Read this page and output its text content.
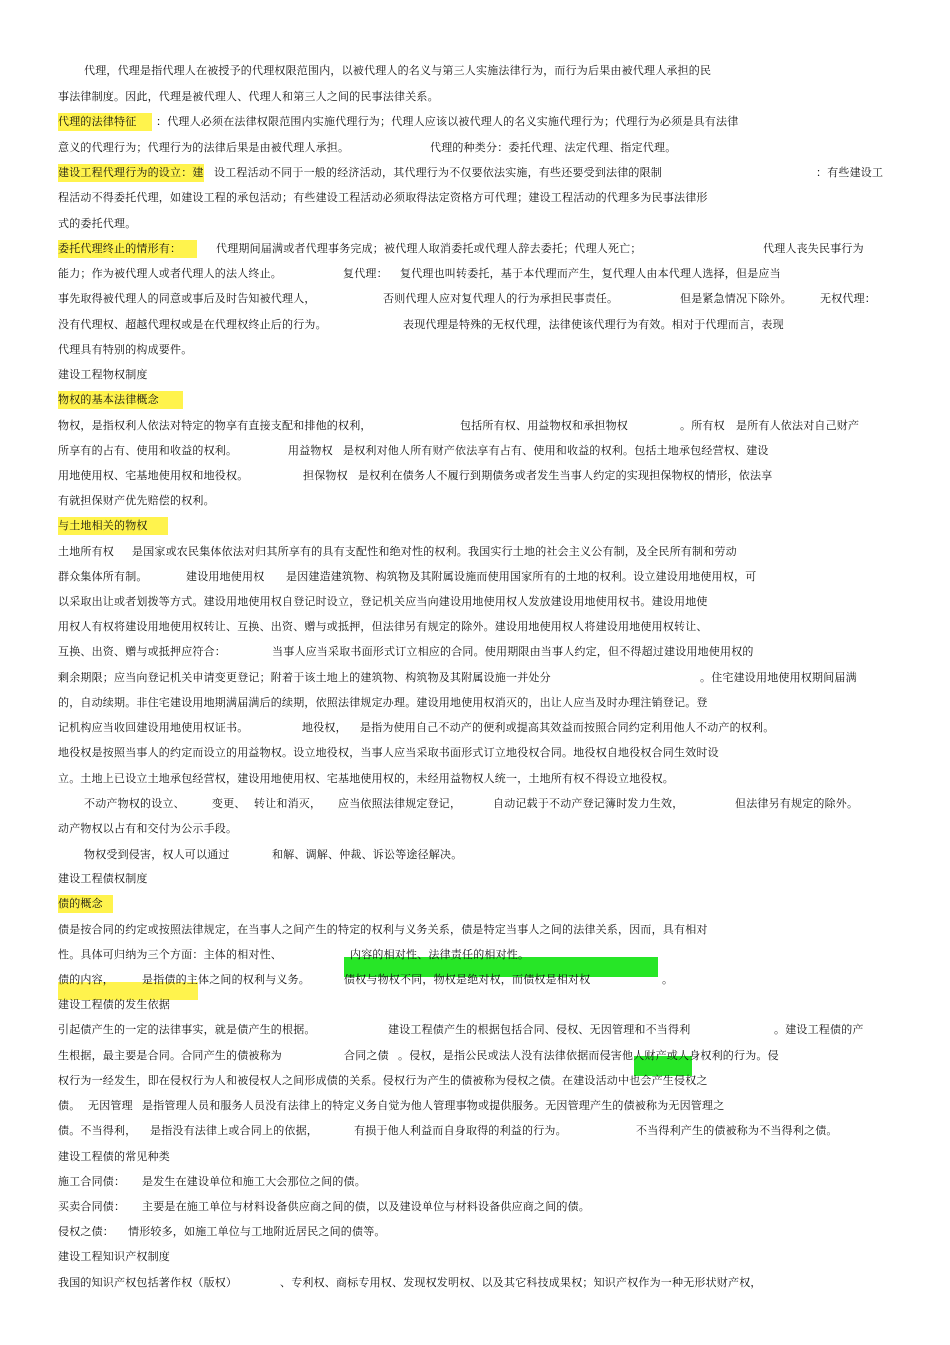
代理，代理是指代理人在被授予的代理权限范围内，以被代理人的名义与第三人实施法律行为，而行为后果由被代理人承担的民
事法律制度。因此，代理是被代理人、代理人和第三人之间的民事法律关系。
代理的法律特征	：代理人必须在法律权限范围内实施代理行为；代理人应该以被代理人的名义实施代理行为；代理行为必须是具有法律
意义的代理行为；代理行为的法律后果是由被代理人承担。	代理的种类分：委托代理、法定代理、指定代理。
建设工程代理行为的设立：建 设工程活动不同于一般的经济活动，其代理行为不仅要依法实施，有些还要受到法律的限制	：有些建设工
程活动不得委托代理，如建设工程的承包活动；有些建设工程活动必须取得法定资格方可代理；建设工程活动的代理多为民事法律形
式的委托代理。
委托代理终止的情形有：	代理期间届满或者代理事务完成；被代理人取消委托或代理人辞去委托；代理人死亡；	代理人丧失民事行为
能力；作为被代理人或者代理人的法人终止。	复代理： 复代理也叫转委托，基于本代理而产生，复代理人由本代理人选择，但是应当
事先取得被代理人的同意或事后及时告知被代理人，	否则代理人应对复代理人的行为承担民事责任。	但是紧急情况下除外。	无权代理：
没有代理权、超越代理权或是在代理权终止后的行为。	表现代理是特殊的无权代理，法律使该代理行为有效。相对于代理而言，表现
代理具有特别的构成要件。
建设工程物权制度
物权的基本法律概念
物权，是指权利人依法对特定的物享有直接支配和排他的权利，	包括所有权、用益物权和承担物权	。所有权 是所有人依法对自己财产
所享有的占有、使用和收益的权利。	用益物权 是权利对他人所有财产依法享有占有、使用和收益的权利。包括土地承包经营权、建设
用地使用权、宅基地使用权和地役权。	担保物权 是权利在债务人不履行到期债务或者发生当事人约定的实现担保物权的情形，依法享
有就担保财产优先赔偿的权利。
与土地相关的物权
土地所有权 是国家或农民集体依法对归其所享有的具有支配性和绝对性的权利。我国实行土地的社会主义公有制，及全民所有制和劳动
群众集体所有制。	建设用地使用权 是因建造建筑物、构筑物及其附属设施而使用国家所有的土地的权利。设立建设用地使用权，可
以采取出让或者划拨等方式。建设用地使用权自登记时设立，登记机关应当向建设用地使用权人发放建设用地使用权书。建设用地使
用权人有权将建设用地使用权转让、互换、出资、赠与或抵押，但法律另有规定的除外。建设用地使用权人将建设用地使用权转让、
互换、出资、赠与或抵押应符合：	当事人应当采取书面形式订立相应的合同。使用期限由当事人约定，但不得超过建设用地使用权的
剩余期限；应当向登记机关申请变更登记；附着于该土地上的建筑物、构筑物及其附属设施一并处分	。住宅建设用地使用权期间届满
的，自动续期。非住宅建设用地期满届满后的续期，依照法律规定办理。建设用地使用权消灭的，出让人应当及时办理注销登记。登
记机构应当收回建设用地使用权证书。	地役权， 是指为使用自己不动产的便利或提高其效益而按照合同约定利用他人不动产的权利。
地役权是按照当事人的约定而设立的用益物权。设立地役权，当事人应当采取书面形式订立地役权合同。地役权自地役权合同生效时设
立。土地上已设立土地承包经营权，建设用地使用权、宅基地使用权的，未经用益物权人统一，土地所有权不得设立地役权。
不动产物权的设立、 变更、 转让和消灭， 应当依照法律规定登记，	自动记载于不动产登记簿时发力生效，	但法律另有规定的除外。
动产物权以占有和交付为公示手段。
物权受到侵害，权人可以通过	和解、调解、仲裁、诉讼等途径解决。
建设工程债权制度
债的概念
债是按合同的约定或按照法律规定，在当事人之间产生的特定的权利与义务关系，债是特定当事人之间的法律关系，因而，具有相对
性。具体可归纳为三个方面：主体的相对性、	内容的相对性、法律责任的相对性。
债的内容，	是指债的主体之间的权利与义务。	债权与物权不同，物权是绝对权，而债权是相对权	。
建设工程债的发生依据
引起债产生的一定的法律事实，就是债产生的根据。	建设工程债产生的根据包括合同、侵权、无因管理和不当得利	。建设工程债的产
生根据，最主要是合同。合同产生的债被称为	合同之债 。侵权，是指公民或法人没有法律依据而侵害他人财产或人身权利的行为。侵
权行为一经发生，即在侵权行为人和被侵权人之间形成债的关系。侵权行为产生的债被称为侵权之债。在建设活动中也会产生侵权之
债。 无因管理 是指管理人员和服务人员没有法律上的特定义务自觉为他人管理事物或提供服务。无因管理产生的债被称为无因管理之
债。不当得利， 是指没有法律上或合同上的依据，	有损于他人利益而自身取得的利益的行为。	不当得利产生的债被称为不当得利之债。
建设工程债的常见种类
施工合同债： 是发生在建设单位和施工大会那位之间的债。
买卖合同债： 主要是在施工单位与材料设备供应商之间的债，以及建设单位与材料设备供应商之间的债。
侵权之债： 情形较多，如施工单位与工地附近居民之间的债等。
建设工程知识产权制度
我国的知识产权包括著作权（版权）	、专利权、商标专用权、发现权发明权、以及其它科技成果权；知识产权作为一种无形状财产权，
